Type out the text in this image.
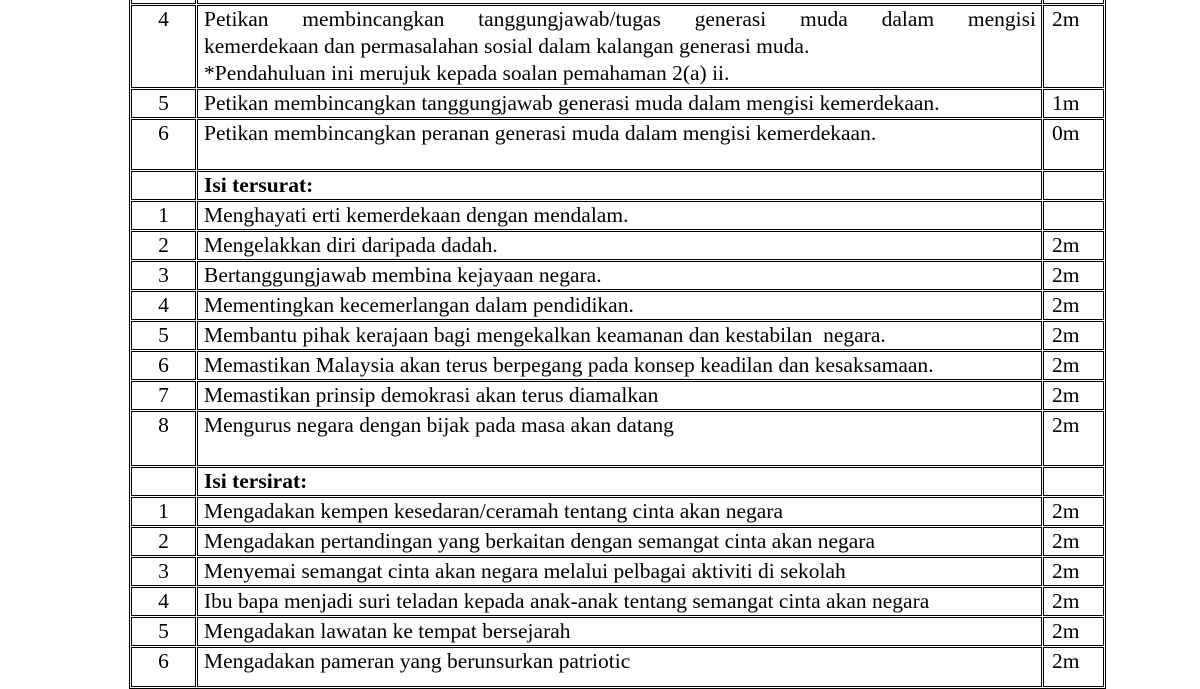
4	Petikan membincangkan tanggungjawab/tugas generasi muda dalam mengisi
kemerdekaan dan permasalahan sosial dalam kalangan generasi muda.
*Pendahuluan ini merujuk kepada soalan pemahaman 2(a) ii.	2m
5	Petikan membincangkan tanggungjawab generasi muda dalam mengisi kemerdekaan.	1m
6	Petikan membincangkan peranan generasi muda dalam mengisi kemerdekaan.	0m

	Isi tersurat:	

1	Menghayati erti kemerdekaan dengan mendalam.	

2	Mengelakkan diri daripada dadah.	2m
3	Bertanggungjawab membina kejayaan negara.	2m
4	Mementingkan kecemerlangan dalam pendidikan.	2m
5	Membantu pihak kerajaan bagi mengekalkan keamanan dan kestabilan  negara.	2m
6	Memastikan Malaysia akan terus berpegang pada konsep keadilan dan kesaksamaan.	2m
7	Memastikan prinsip demokrasi akan terus diamalkan	2m
8	Mengurus negara dengan bijak pada masa akan datang	2m

	Isi tersirat:	

1	Mengadakan kempen kesedaran/ceramah tentang cinta akan negara	2m
2	Mengadakan pertandingan yang berkaitan dengan semangat cinta akan negara	2m
3	Menyemai semangat cinta akan negara melalui pelbagai aktiviti di sekolah	2m
4	Ibu bapa menjadi suri teladan kepada anak-anak tentang semangat cinta akan negara	2m
5	Mengadakan lawatan ke tempat bersejarah	2m
6	Mengadakan pameran yang berunsurkan patriotic	2m
